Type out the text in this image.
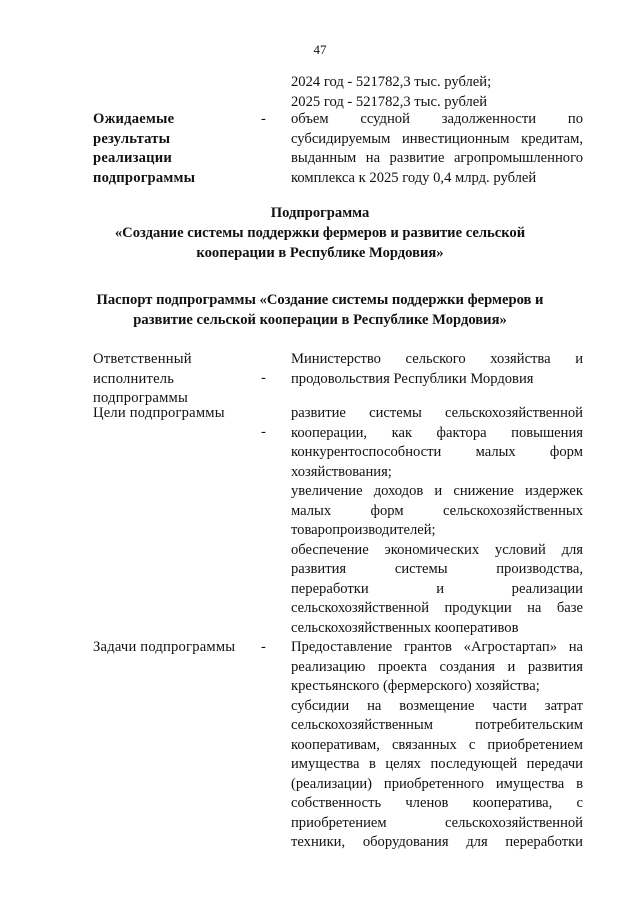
47

2024 год - 521782,3 тыс. рублей;

2025 год - 521782,3 тыс. рублей

Ожидаемые результаты реализации подпрограммы
- объем ссудной задолженности по

субсидируемым инвестиционным кредитам,

выданным на развитие агропромышленного

комплекса к 2025 году 0,4 млрд. рублей

Подпрограмма
«Создание системы поддержки фермеров и развитие сельской
кооперации в Республике Мордовия»
Паспорт подпрограммы «Создание системы поддержки фермеров и
развитие сельской кооперации в Республике Мордовия»
Ответственный исполнитель подпрограммы
-

Министерство сельского хозяйства и

продовольствия Республики Мордовия

Цели подпрограммы
-

развитие системы сельскохозяйственной

кооперации, как фактора повышения

конкурентоспособности малых форм

хозяйствования;

увеличение доходов и снижение издержек

малых форм сельскохозяйственных

товаропроизводителей;

обеспечение экономических условий для

развития системы производства,

переработки и реализации

сельскохозяйственной продукции на базе

сельскохозяйственных кооперативов

Задачи подпрограммы	- Предоставление грантов «Агростартап» на

реализацию проекта создания и развития

крестьянского (фермерского) хозяйства;

субсидии на возмещение части затрат

сельскохозяйственным потребительским

кооперативам, связанных с приобретением

имущества в целях последующей передачи

(реализации) приобретенного имущества в

собственность членов кооператива, с

приобретением сельскохозяйственной

техники, оборудования для переработки
